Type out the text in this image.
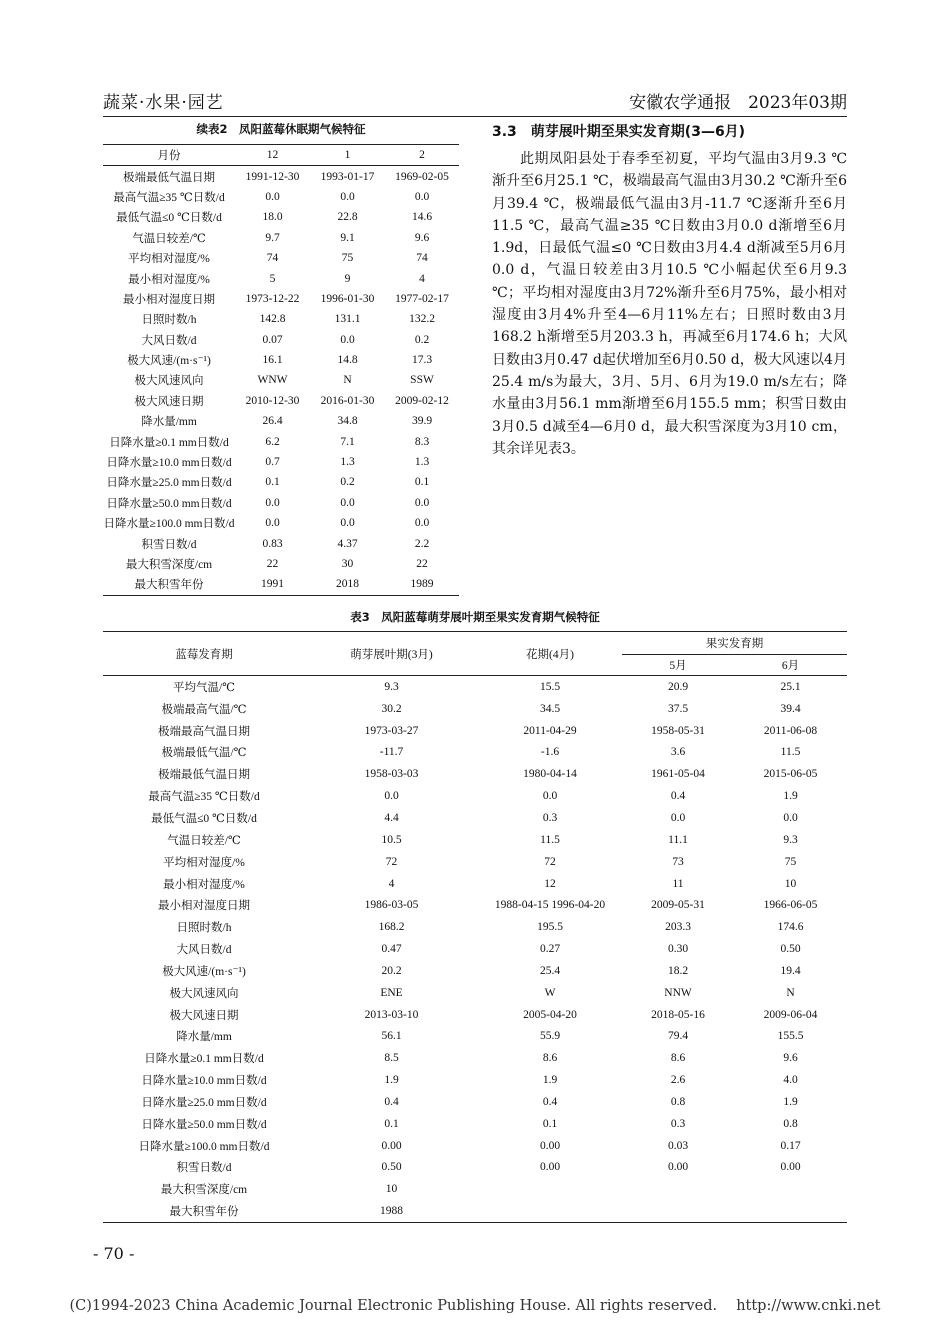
蔬菜·水果·园艺	安徽农学通报　 2023年03期
续表2　凤阳蓝莓休眠期气候特征
月份	12	1	2
极端最低气温日期	1991-12-30	1993-01-17	1969-02-05
最高气温≥35 ℃日数/d	0.0	0.0	0.0
最低气温≤0 ℃日数/d	18.0	22.8	14.6
气温日较差/℃	9.7	9.1	9.6
平均相对湿度/%	74	75	74
最小相对湿度/%	5	9	4
最小相对湿度日期	1973-12-22	1996-01-30	1977-02-17
日照时数/h	142.8	131.1	132.2
大风日数/d	0.07	0.0	0.2
极大风速/(m·s⁻¹)	16.1	14.8	17.3
极大风速风向	WNW	N	SSW
极大风速日期	2010-12-30	2016-01-30	2009-02-12
降水量/mm	26.4	34.8	39.9
日降水量≥0.1 mm日数/d	6.2	7.1	8.3
日降水量≥10.0 mm日数/d	0.7	1.3	1.3
日降水量≥25.0 mm日数/d	0.1	0.2	0.1
日降水量≥50.0 mm日数/d	0.0	0.0	0.0
日降水量≥100.0 mm日数/d	0.0	0.0	0.0
积雪日数/d	0.83	4.37	2.2
最大积雪深度/cm	22	30	22
最大积雪年份	1991	2018	1989
3.3　萌芽展叶期至果实发育期(3—6月)
此期凤阳县处于春季至初夏，平均气温由3月9.3 ℃渐升至6月25.1 ℃，极端最高气温由3月30.2 ℃渐升至6月39.4 ℃，极端最低气温由3月-11.7 ℃逐渐升至6月11.5 ℃，最高气温≥35 ℃日数由3月0.0 d渐增至6月1.9d，日最低气温≤0 ℃日数由3月4.4 d渐减至5月6月0.0 d，气温日较差由3月10.5 ℃小幅起伏至6月9.3 ℃；平均相对湿度由3月72%渐升至6月75%，最小相对湿度由3月4%升至4—6月11%左右；日照时数由3月168.2 h渐增至5月203.3 h，再减至6月174.6 h；大风日数由3月0.47 d起伏增加至6月0.50 d，极大风速以4月25.4 m/s为最大，3月、5月、6月为19.0 m/s左右；降水量由3月56.1 mm渐增至6月155.5 mm；积雪日数由3月0.5 d减至4—6月0 d，最大积雪深度为3月10 cm，其余详见表3。
表3　凤阳蓝莓萌芽展叶期至果实发育期气候特征
蓝莓发育期	萌芽展叶期(3月)	花期(4月)	果实发育期	
			5月	6月
平均气温/℃	9.3	15.5	20.9	25.1
极端最高气温/℃	30.2	34.5	37.5	39.4
极端最高气温日期	1973-03-27	2011-04-29	1958-05-31	2011-06-08
极端最低气温/℃	-11.7	-1.6	3.6	11.5
极端最低气温日期	1958-03-03	1980-04-14	1961-05-04	2015-06-05
最高气温≥35 ℃日数/d	0.0	0.0	0.4	1.9
最低气温≤0 ℃日数/d	4.4	0.3	0.0	0.0
气温日较差/℃	10.5	11.5	11.1	9.3
平均相对湿度/%	72	72	73	75
最小相对湿度/%	4	12	11	10
最小相对湿度日期	1986-03-05	1988-04-15 1996-04-20	2009-05-31	1966-06-05
日照时数/h	168.2	195.5	203.3	174.6
大风日数/d	0.47	0.27	0.30	0.50
极大风速/(m·s⁻¹)	20.2	25.4	18.2	19.4
极大风速风向	ENE	W	NNW	N
极大风速日期	2013-03-10	2005-04-20	2018-05-16	2009-06-04
降水量/mm	56.1	55.9	79.4	155.5
日降水量≥0.1 mm日数/d	8.5	8.6	8.6	9.6
日降水量≥10.0 mm日数/d	1.9	1.9	2.6	4.0
日降水量≥25.0 mm日数/d	0.4	0.4	0.8	1.9
日降水量≥50.0 mm日数/d	0.1	0.1	0.3	0.8
日降水量≥100.0 mm日数/d	0.00	0.00	0.03	0.17
积雪日数/d	0.50	0.00	0.00	0.00
最大积雪深度/cm	10			
最大积雪年份	1988			
- 70 -
(C)1994-2023 China Academic Journal Electronic Publishing House. All rights reserved.　 http://www.cnki.net
